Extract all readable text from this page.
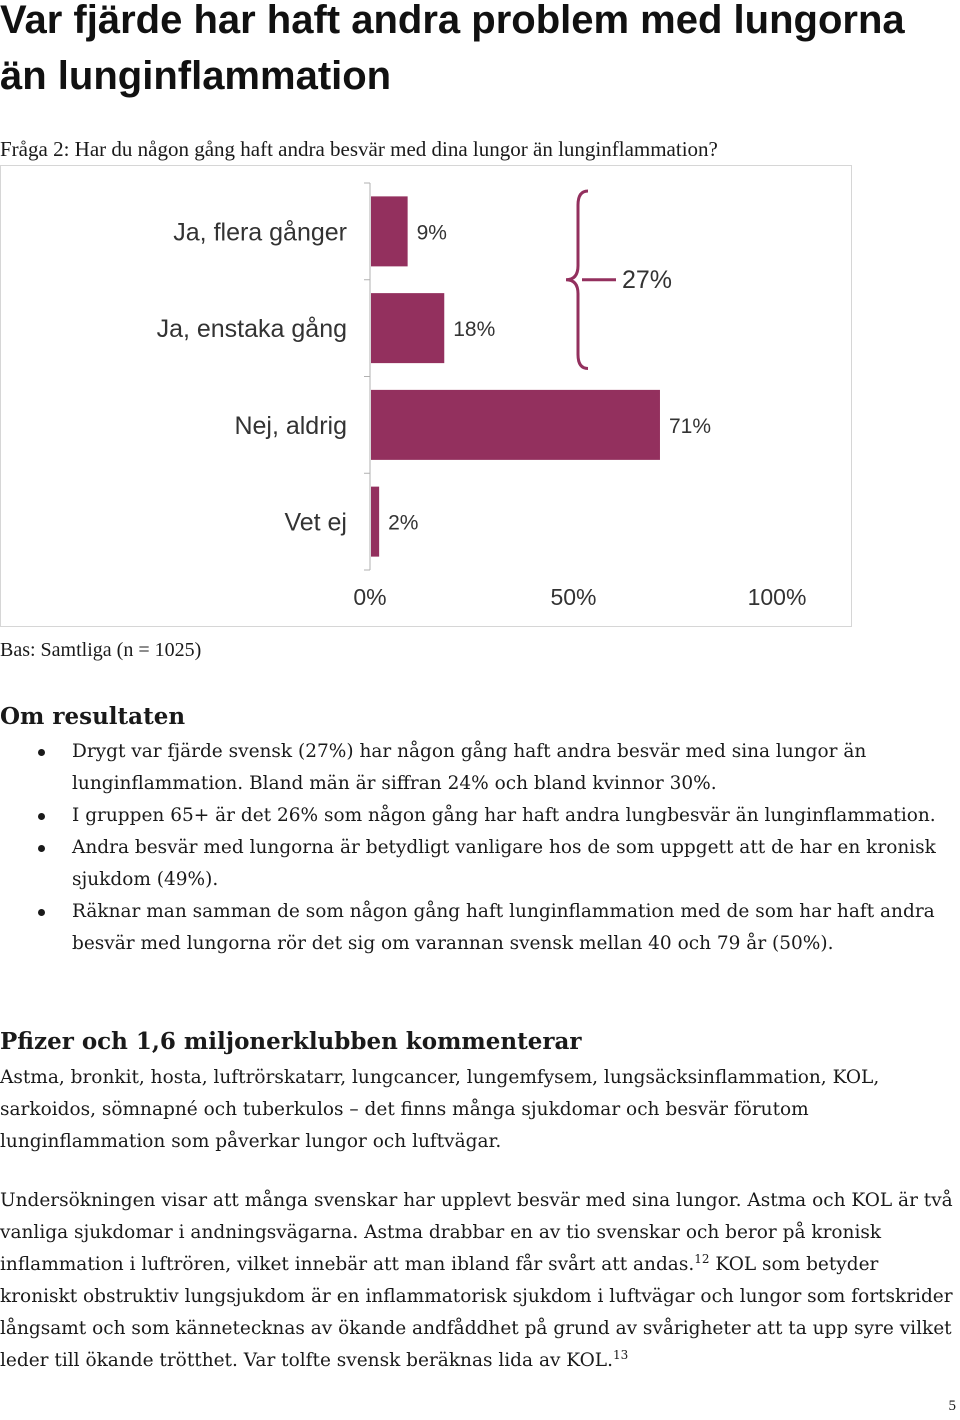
Var fjärde har haft andra problem med lungorna än lunginflammation

Fråga 2: Har du någon gång haft andra besvär med dina lungor än lunginflammation?

Ja, flera gånger	9%
Ja, enstaka gång	18%
Nej, aldrig	71%
Vet ej 2%
0%	50%	100%
27%

Bas: Samtliga (n = 1025)

Om resultaten
Drygt var fjärde svensk (27%) har någon gång haft andra besvär med sina lungor än lunginflammation. Bland män är siffran 24% och bland kvinnor 30%.
I gruppen 65+ är det 26% som någon gång har haft andra lungbesvär än lunginflammation.
Andra besvär med lungorna är betydligt vanligare hos de som uppgett att de har en kronisk sjukdom (49%).
Räknar man samman de som någon gång haft lunginflammation med de som har haft andra besvär med lungorna rör det sig om varannan svensk mellan 40 och 79 år (50%).
Pfizer och 1,6 miljonerklubben kommenterar

Astma, bronkit, hosta, luftrörskatarr, lungcancer, lungemfysem, lungsäcksinflammation, KOL, sarkoidos, sömnapné och tuberkulos – det finns många sjukdomar och besvär förutom lunginflammation som påverkar lungor och luftvägar.

Undersökningen visar att många svenskar har upplevt besvär med sina lungor. Astma och KOL är två vanliga sjukdomar i andningsvägarna. Astma drabbar en av tio svenskar och beror på kronisk inflammation i luftrören, vilket innebär att man ibland får svårt att andas.$^{12}$ KOL som betyder kroniskt obstruktiv lungsjukdom är en inflammatorisk sjukdom i luftvägar och lungor som fortskrider långsamt och som kännetecknas av ökande andfåddhet på grund av svårigheter att ta upp syre vilket leder till ökande trötthet. Var tolfte svensk beräknas lida av KOL.$^{13}$

5
